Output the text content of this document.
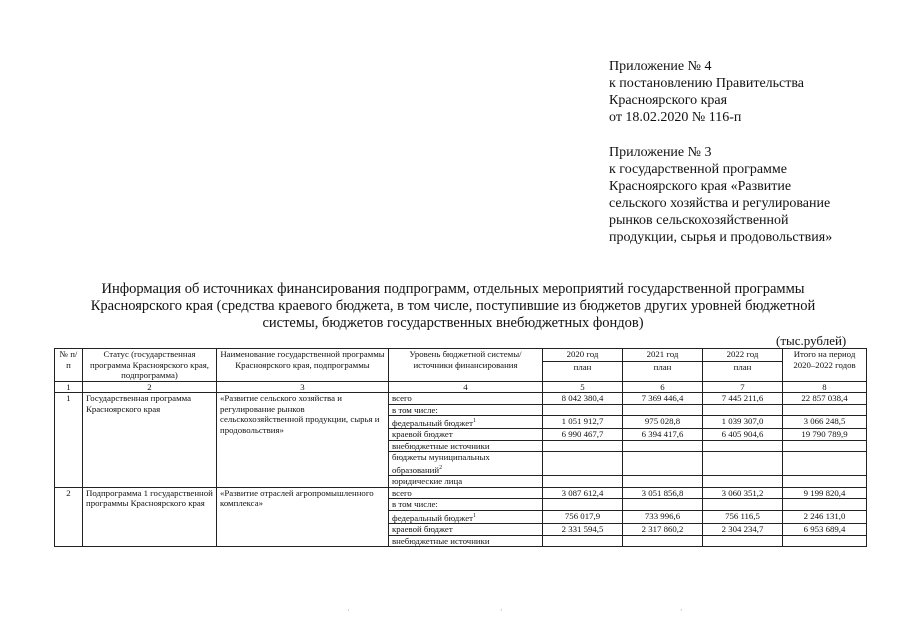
Приложение № 4
к постановлению Правительства
Красноярского края
от 18.02.2020 № 116-п
Приложение № 3
к государственной программе
Красноярского края «Развитие
сельского хозяйства и регулирование
рынков сельскохозяйственной
продукции, сырья и продовольствия»
Информация об источниках финансирования подпрограмм, отдельных мероприятий государственной программы
Красноярского края (средства краевого бюджета, в том числе, поступившие из бюджетов других уровней бюджетной
системы, бюджетов государственных внебюджетных фондов)
(тыс.рублей)
№ п/п	Статус (государственная программа Красноярского края, подпрограмма)	Наименование государственной программы Красноярского края, подпрограммы	Уровень бюджетной системы/источники финансирования	2020 год	2021 год	2022 год	Итого на период 2020–2022 годов
				план	план	план	
1	2	3	4	5	6	7	8
1	Государственная программа Красноярского края	«Развитие сельского хозяйства и регулирование рынков сельскохозяйственной продукции, сырья и продовольствия»	всего	8 042 380,4	7 369 446,4	7 445 211,6	22 857 038,4
			в том числе:				
			федеральный бюджет$^1$	1 051 912,7	975 028,8	1 039 307,0	3 066 248,5
			краевой бюджет	6 990 467,7	6 394 417,6	6 405 904,6	19 790 789,9
			внебюджетные источники				
			бюджеты муниципальных образований$^2$				
			юридические лица				
2	Подпрограмма 1 государственной программы Красноярского края	«Развитие отраслей агропромышленного комплекса»	всего	3 087 612,4	3 051 856,8	3 060 351,2	9 199 820,4
			в том числе:				
			федеральный бюджет$^1$	756 017,9	733 996,6	756 116,5	2 246 131,0
			краевой бюджет	2 331 594,5	2 317 860,2	2 304 234,7	6 953 689,4
			внебюджетные источники				
·	·	·
